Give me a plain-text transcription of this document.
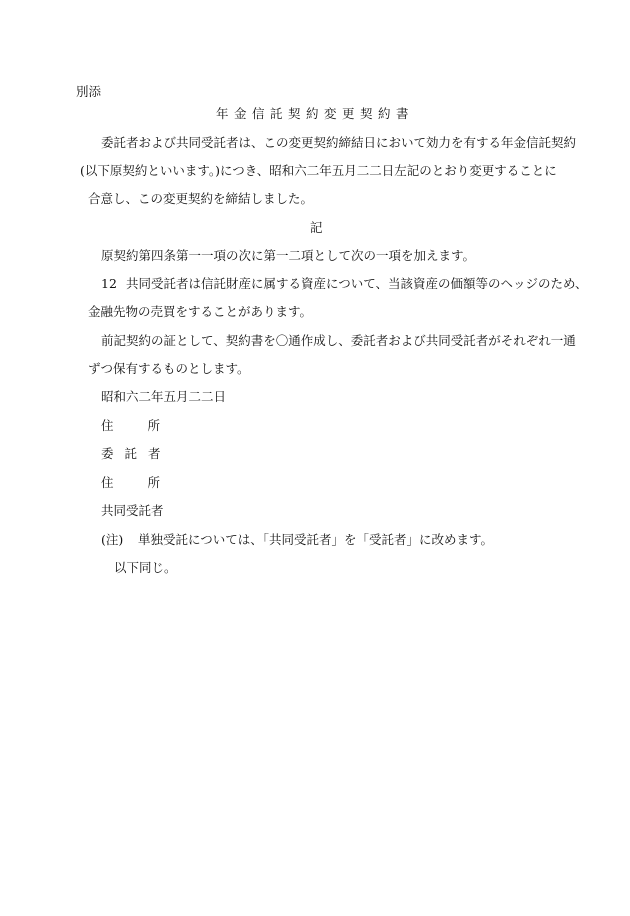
別添
年金信託契約変更契約書
委託者および共同受託者は、この変更契約締結日において効力を有する年金信託契約
(以下原契約といいます。)につき、昭和六二年五月二二日左記のとおり変更することに
合意し、この変更契約を締結しました。
記
原契約第四条第一一項の次に第一二項として次の一項を加えます。
12 共同受託者は信託財産に属する資産について、当該資産の価額等のヘッジのため、
金融先物の売買をすることがあります。
前記契約の証として、契約書を〇通作成し、委託者および共同受託者がそれぞれ一通
ずつ保有するものとします。
昭和六二年五月二二日
住	所
委 託 者
住	所
共同受託者
(注) 単独受託については、「共同受託者」を「受託者」に改めます。
以下同じ。
